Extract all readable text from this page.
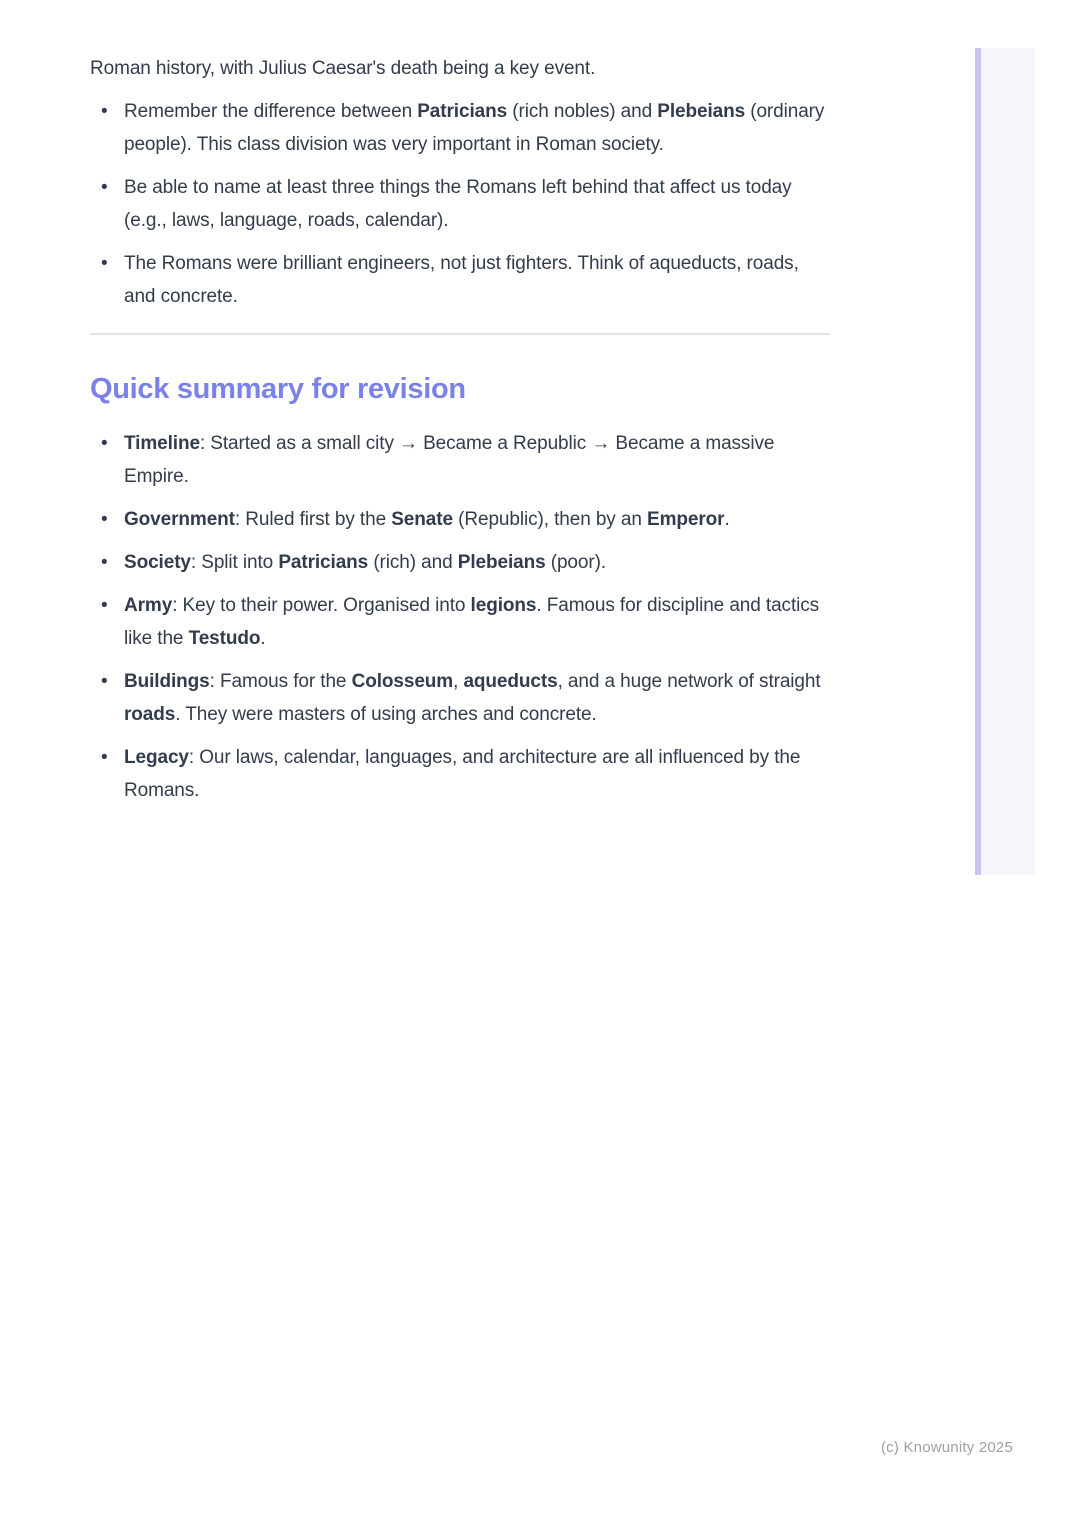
Roman history, with Julius Caesar's death being a key event.

• Remember the difference between Patricians (rich nobles) and Plebeians (ordinary people). This class division was very important in Roman society.
• Be able to name at least three things the Romans left behind that affect us today (e.g., laws, language, roads, calendar).
• The Romans were brilliant engineers, not just fighters. Think of aqueducts, roads, and concrete.
Quick summary for revision
• Timeline: Started as a small city → Became a Republic → Became a massive Empire.
• Government: Ruled first by the Senate (Republic), then by an Emperor.
• Society: Split into Patricians (rich) and Plebeians (poor).
• Army: Key to their power. Organised into legions. Famous for discipline and tactics like the Testudo.
• Buildings: Famous for the Colosseum, aqueducts, and a huge network of straight roads. They were masters of using arches and concrete.
• Legacy: Our laws, calendar, languages, and architecture are all influenced by the Romans.
(c) Knowunity 2025
